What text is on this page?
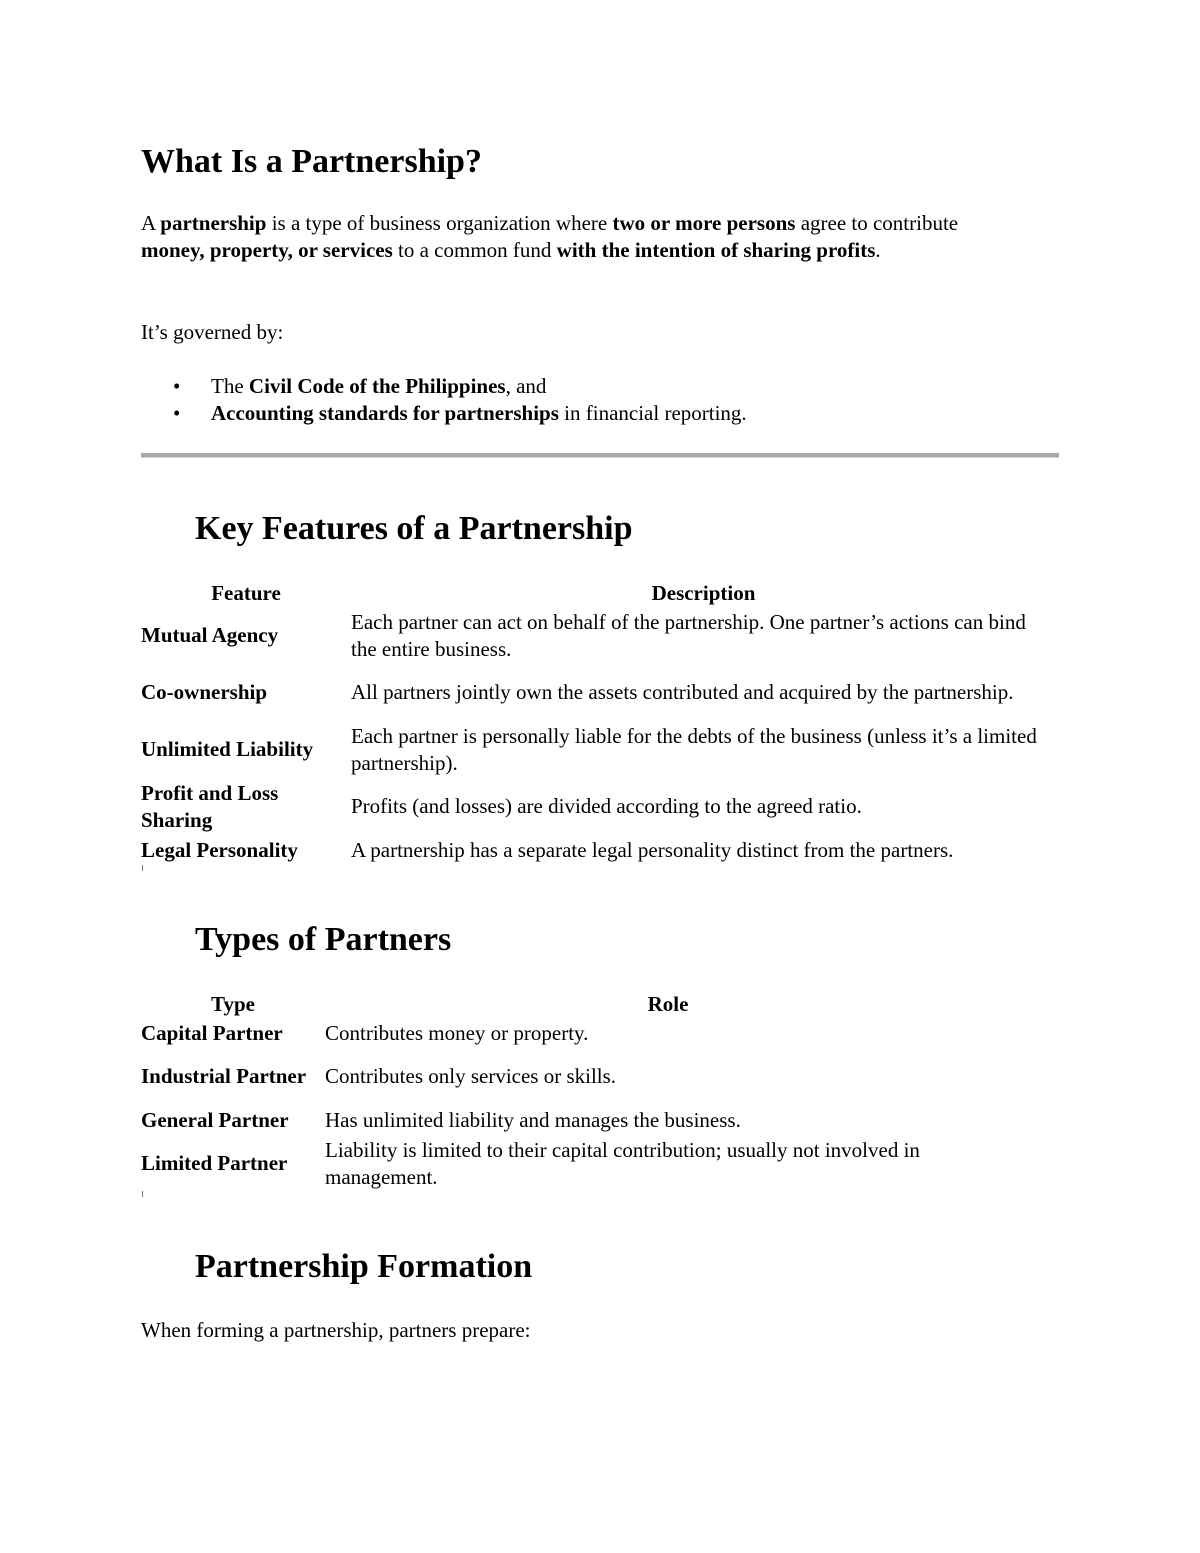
What Is a Partnership?

A partnership is a type of business organization where two or more persons agree to contribute money, property, or services to a common fund with the intention of sharing profits.

It’s governed by:

• The Civil Code of the Philippines, and
• Accounting standards for partnerships in financial reporting.
Key Features of a Partnership
Feature	Description
Mutual Agency	Each partner can act on behalf of the partnership. One partner’s actions can bind the entire business.
Co-ownership	All partners jointly own the assets contributed and acquired by the partnership.
Unlimited Liability	Each partner is personally liable for the debts of the business (unless it’s a limited partnership).
Profit and Loss Sharing	Profits (and losses) are divided according to the agreed ratio.
Legal Personality	A partnership has a separate legal personality distinct from the partners.
Types of Partners
Type	Role
Capital Partner	Contributes money or property.
Industrial Partner	Contributes only services or skills.
General Partner	Has unlimited liability and manages the business.
Limited Partner	Liability is limited to their capital contribution; usually not involved in management.
Partnership Formation

When forming a partnership, partners prepare:
